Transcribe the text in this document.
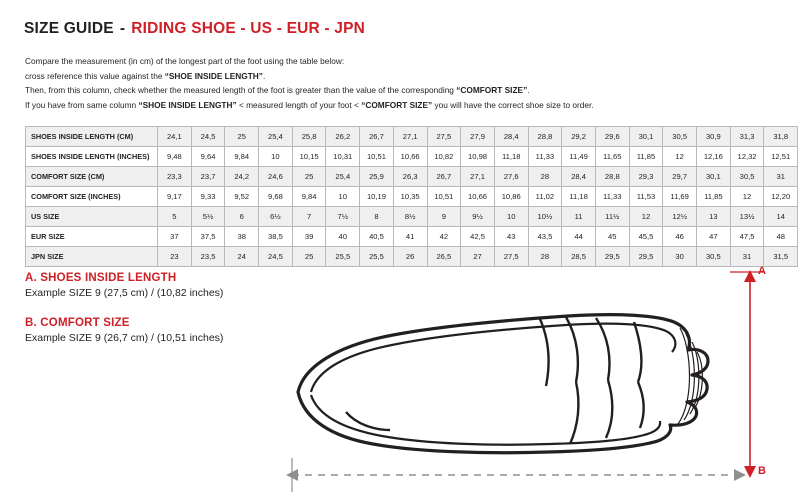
SIZE GUIDE - RIDING SHOE - US - EUR - JPN
Compare the measurement (in cm) of the longest part of the foot using the table below:
cross reference this value against the “SHOE INSIDE LENGTH”.
Then, from this column, check whether the measured length of the foot is greater than the value of the corresponding “COMFORT SIZE”.
If you have from same column “SHOE INSIDE LENGTH” < measured length of your foot < “COMFORT SIZE” you will have the correct shoe size to order.
SHOES INSIDE LENGTH (CM)	24,1	24,5	25	25,4	25,8	26,2	26,7	27,1	27,5	27,9	28,4	28,8	29,2	29,6	30,1	30,5	30,9	31,3	31,8
SHOES INSIDE LENGTH (INCHES)	9,48	9,64	9,84	10	10,15	10,31	10,51	10,66	10,82	10,98	11,18	11,33	11,49	11,65	11,85	12	12,16	12,32	12,51
COMFORT SIZE (CM)	23,3	23,7	24,2	24,6	25	25,4	25,9	26,3	26,7	27,1	27,6	28	28,4	28,8	29,3	29,7	30,1	30,5	31
COMFORT SIZE (INCHES)	9,17	9,33	9,52	9,68	9,84	10	10,19	10,35	10,51	10,66	10,86	11,02	11,18	11,33	11,53	11,69	11,85	12	12,20
US SIZE	5	5½	6	6½	7	7½	8	8½	9	9½	10	10½	11	11½	12	12½	13	13½	14
EUR SIZE	37	37,5	38	38,5	39	40	40,5	41	42	42,5	43	43,5	44	45	45,5	46	47	47,5	48
JPN SIZE	23	23,5	24	24,5	25	25,5	25,5	26	26,5	27	27,5	28	28,5	29,5	29,5	30	30,5	31	31,5
A. SHOES INSIDE LENGTH

Example SIZE 9 (27,5 cm) / (10,82 inches)

B. COMFORT SIZE

Example SIZE 9 (26,7 cm) / (10,51 inches)

A
B
